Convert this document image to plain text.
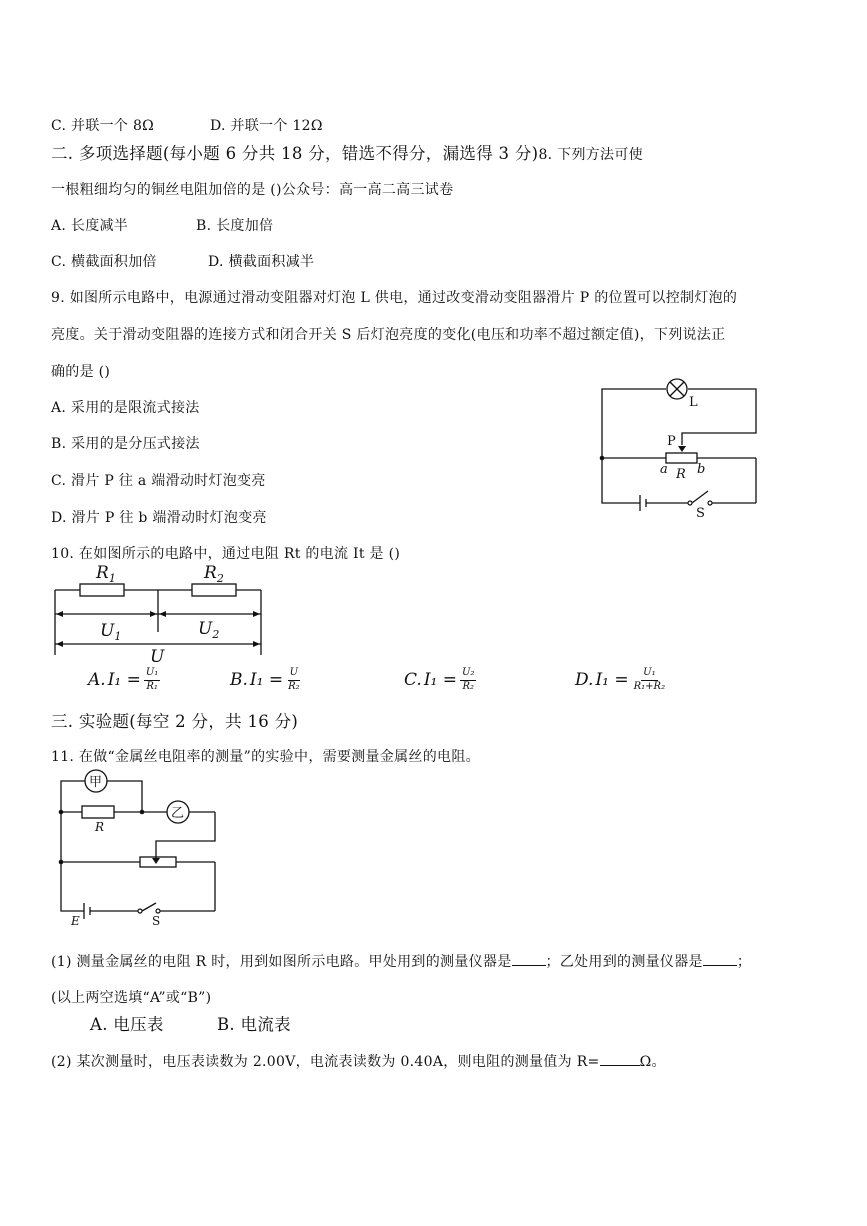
C. 并联一个 8Ω	D. 并联一个 12Ω
二. 多项选择题(每小题 6 分共 18 分，错选不得分，漏选得 3 分)8. 下列方法可使
一根粗细均匀的铜丝电阻加倍的是 ()公众号：高一高二高三试卷
A. 长度减半	B. 长度加倍
C. 横截面积加倍	D. 横截面积减半
9. 如图所示电路中，电源通过滑动变阻器对灯泡 L 供电，通过改变滑动变阻器滑片 P 的位置可以控制灯泡的
亮度。关于滑动变阻器的连接方式和闭合开关 S 后灯泡亮度的变化(电压和功率不超过额定值)，下列说法正
确的是 ()
A. 采用的是限流式接法
B. 采用的是分压式接法
C. 滑片 P 往 a 端滑动时灯泡变亮
D. 滑片 P 往 b 端滑动时灯泡变亮
L
P
a R b
S
10. 在如图所示的电路中，通过电阻 Rt 的电流 It 是 ()
$R_1$	$R_2$
$U_1$	$U_2$
U
A. $I_1 = \frac{\text{U₁}}{\text{R₁}}$	B. $I_1 = \frac{U}{\text{R₂}}$	C. $I_1 = \frac{\text{U₂}}{\text{R₂}}$	D. $I_1 = \frac{\text{U₁}}{\text{R₁+R₂}}$
三. 实验题(每空 2 分，共 16 分)
11. 在做“金属丝电阻率的测量”的实验中，需要测量金属丝的电阻。
甲
乙
R
E	S
(1) 测量金属丝的电阻 R 时，用到如图所示电路。甲处用到的测量仪器是 ；乙处用到的测量仪器是 ；
(以上两空选填“A”或“B”)
A. 电压表	B. 电流表
(2) 某次测量时，电压表读数为 2.00V，电流表读数为 0.40A，则电阻的测量值为 R=	Ω。
